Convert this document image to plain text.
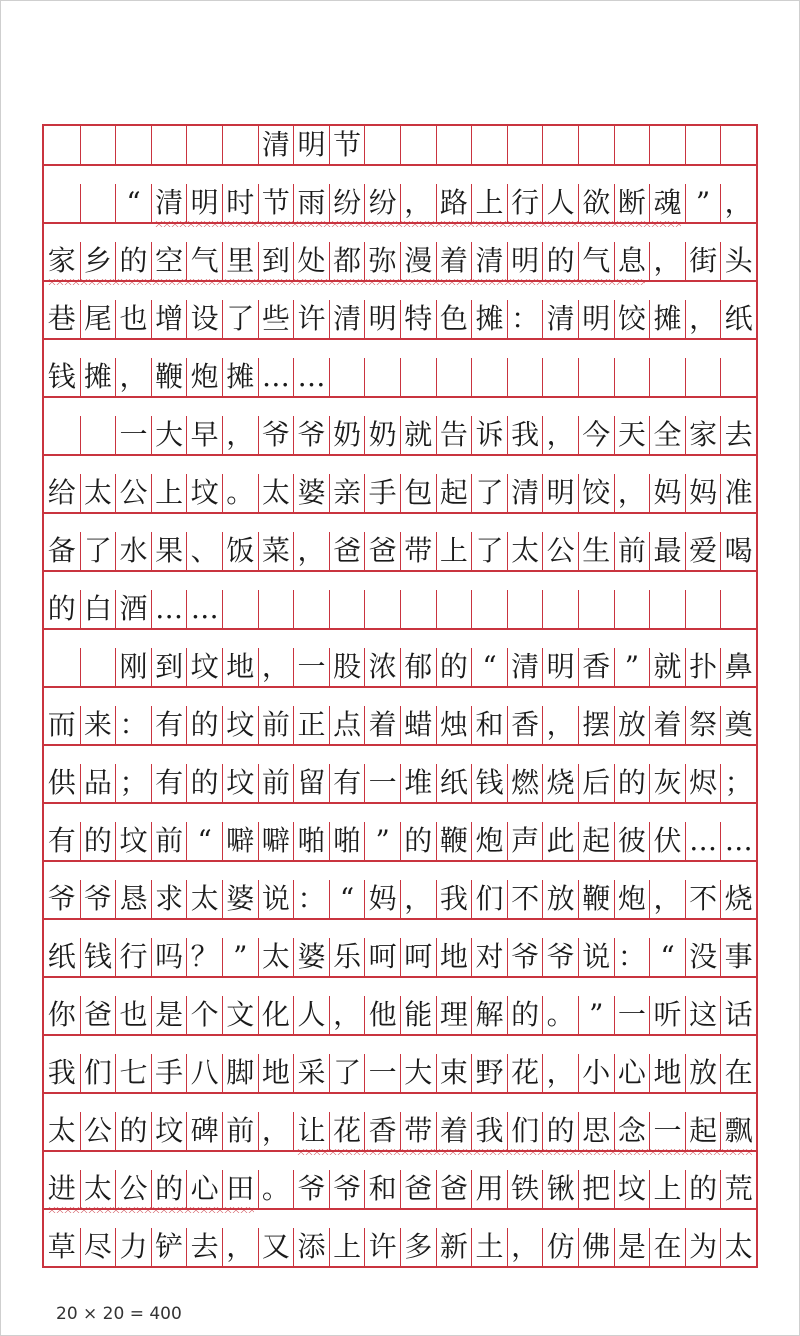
清 明 节
“ 清 明 时 节 雨 纷 纷 ， 路 上 行 人 欲 断 魂 ” ，
家 乡 的 空 气 里 到 处 都 弥 漫 着 清 明 的 气 息 ， 街 头
巷 尾 也 增 设 了 些 许 清 明 特 色 摊 ： 清 明 饺 摊 ， 纸
钱 摊 ， 鞭 炮 摊 … …
一 大 早 ， 爷 爷 奶 奶 就 告 诉 我 ， 今 天 全 家 去
给 太 公 上 坟 。 太 婆 亲 手 包 起 了 清 明 饺 ， 妈 妈 准
备 了 水 果 、 饭 菜 ， 爸 爸 带 上 了 太 公 生 前 最 爱 喝
的 白 酒 … …
刚 到 坟 地 ， 一 股 浓 郁 的 “ 清 明 香 ” 就 扑 鼻
而 来 ： 有 的 坟 前 正 点 着 蜡 烛 和 香 ， 摆 放 着 祭 奠
供 品 ； 有 的 坟 前 留 有 一 堆 纸 钱 燃 烧 后 的 灰 烬 ；
有 的 坟 前 “ 噼 噼 啪 啪 ” 的 鞭 炮 声 此 起 彼 伏 … …
爷 爷 恳 求 太 婆 说 ： “ 妈 ， 我 们 不 放 鞭 炮 ， 不 烧
纸 钱 行 吗 ？ ” 太 婆 乐 呵 呵 地 对 爷 爷 说 ： “ 没 事
你 爸 也 是 个 文 化 人 ， 他 能 理 解 的 。 ” 一 听 这 话
我 们 七 手 八 脚 地 采 了 一 大 束 野 花 ， 小 心 地 放 在
太 公 的 坟 碑 前 ， 让 花 香 带 着 我 们 的 思 念 一 起 飘
进 太 公 的 心 田 。 爷 爷 和 爸 爸 用 铁 锹 把 坟 上 的 荒
草 尽 力 铲 去 ， 又 添 上 许 多 新 土 ， 仿 佛 是 在 为 太
20 × 20 = 400
